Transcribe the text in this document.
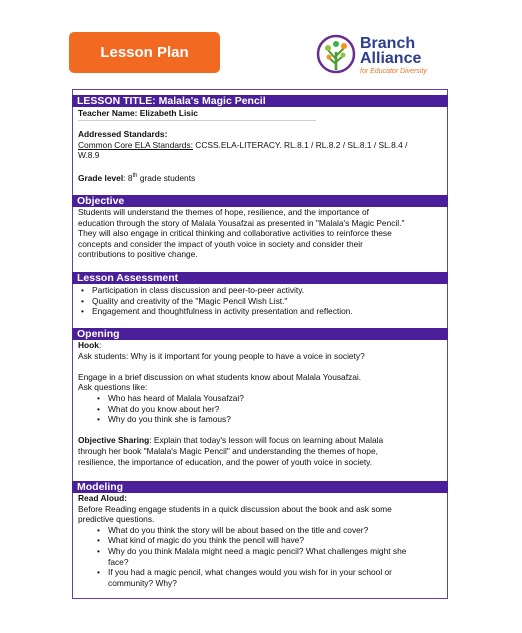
Lesson Plan
Branch
Alliance
for Educator Diversity
LESSON TITLE: Malala's Magic Pencil
Teacher Name: Elizabeth Lisic
Addressed Standards:
Common Core ELA Standards: CCSS.ELA-LITERACY. RL.8.1 / RL.8.2 / SL.8.1 / SL.8.4 /
W.8.9
Grade level: 8th grade students
Objective
Students will understand the themes of hope, resilience, and the importance of
education through the story of Malala Yousafzai as presented in "Malala's Magic Pencil."
They will also engage in critical thinking and collaborative activities to reinforce these
concepts and consider the impact of youth voice in society and consider their
contributions to positive change.
Lesson Assessment
• Participation in class discussion and peer-to-peer activity.
• Quality and creativity of the "Magic Pencil Wish List."
• Engagement and thoughtfulness in activity presentation and reflection.
Opening
Hook:
Ask students: Why is it important for young people to have a voice in society?
Engage in a brief discussion on what students know about Malala Yousafzai.
Ask questions like:
• Who has heard of Malala Yousafzai?
• What do you know about her?
• Why do you think she is famous?
Objective Sharing: Explain that today's lesson will focus on learning about Malala
through her book "Malala's Magic Pencil" and understanding the themes of hope,
resilience, the importance of education, and the power of youth voice in society.
Modeling
Read Aloud:
Before Reading engage students in a quick discussion about the book and ask some
predictive questions.
• What do you think the story will be about based on the title and cover?
• What kind of magic do you think the pencil will have?
• Why do you think Malala might need a magic pencil? What challenges might she
face?
• If you had a magic pencil, what changes would you wish for in your school or
community? Why?
